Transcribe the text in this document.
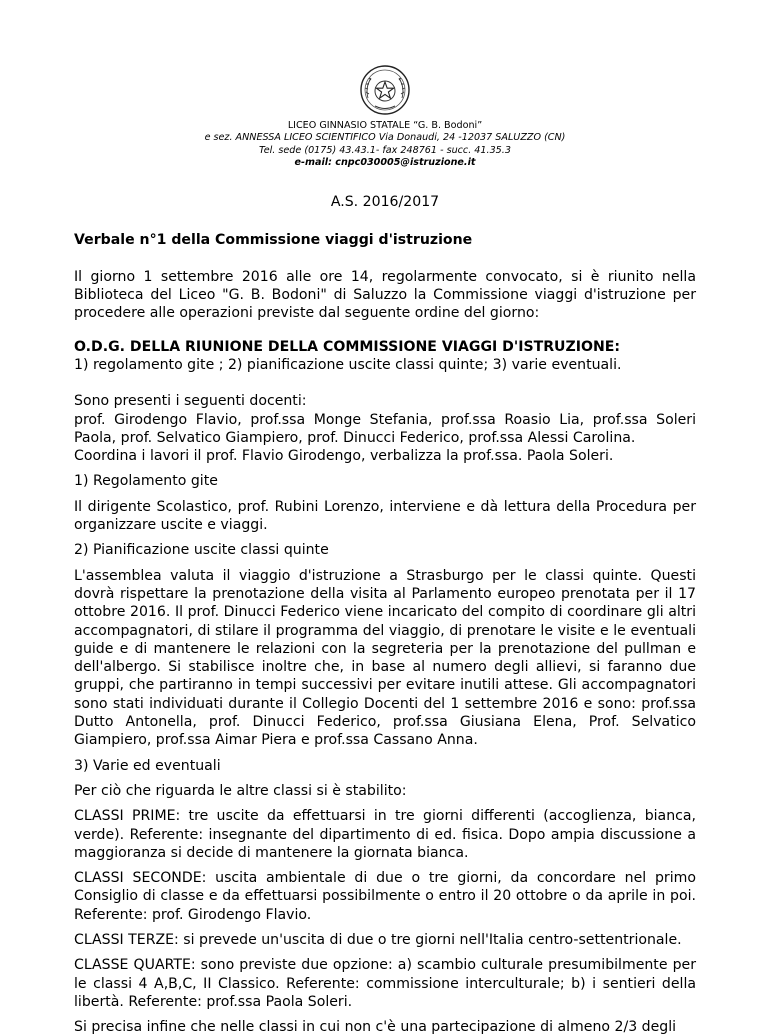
LICEO GINNASIO STATALE “G. B. Bodoni”

e sez. ANNESSA LICEO SCIENTIFICO Via Donaudi, 24 -12037 SALUZZO (CN)

Tel. sede (0175) 43.43.1- fax 248761 - succ. 41.35.3

e-mail: cnpc030005@istruzione.it

A.S. 2016/2017

Verbale n°1 della Commissione viaggi d'istruzione

Il giorno 1 settembre 2016 alle ore 14, regolarmente convocato, si è riunito nella Biblioteca del Liceo "G. B. Bodoni" di Saluzzo la Commissione viaggi d'istruzione per procedere alle operazioni previste dal seguente ordine del giorno:

O.D.G. DELLA RIUNIONE DELLA COMMISSIONE VIAGGI D'ISTRUZIONE:

1) regolamento gite ; 2) pianificazione uscite classi quinte; 3) varie eventuali.

Sono presenti i seguenti docenti:

prof. Girodengo Flavio, prof.ssa Monge Stefania, prof.ssa Roasio Lia, prof.ssa Soleri Paola, prof. Selvatico Giampiero, prof. Dinucci Federico, prof.ssa Alessi Carolina.

Coordina i lavori il prof. Flavio Girodengo, verbalizza la prof.ssa. Paola Soleri.

1) Regolamento gite

Il dirigente Scolastico, prof. Rubini Lorenzo, interviene e dà lettura della Procedura per organizzare uscite e viaggi.

2) Pianificazione uscite classi quinte

L'assemblea valuta il viaggio d'istruzione a Strasburgo per le classi quinte. Questi dovrà rispettare la prenotazione della visita al Parlamento europeo prenotata per il 17 ottobre 2016. Il prof. Dinucci Federico viene incaricato del compito di coordinare gli altri accompagnatori, di stilare il programma del viaggio, di prenotare le visite e le eventuali guide e di mantenere le relazioni con la segreteria per la prenotazione del pullman e dell'albergo. Si stabilisce inoltre che, in base al numero degli allievi, si faranno due gruppi, che partiranno in tempi successivi per evitare inutili attese. Gli accompagnatori sono stati individuati durante il Collegio Docenti del 1 settembre 2016 e sono: prof.ssa Dutto Antonella, prof. Dinucci Federico, prof.ssa Giusiana Elena, Prof. Selvatico Giampiero, prof.ssa Aimar Piera e prof.ssa Cassano Anna.

3) Varie ed eventuali

Per ciò che riguarda le altre classi si è stabilito:

CLASSI PRIME: tre uscite da effettuarsi in tre giorni differenti (accoglienza, bianca, verde). Referente: insegnante del dipartimento di ed. fisica. Dopo ampia discussione a maggioranza si decide di mantenere la giornata bianca.

CLASSI SECONDE: uscita ambientale di due o tre giorni, da concordare nel primo Consiglio di classe e da effettuarsi possibilmente o entro il 20 ottobre o da aprile in poi. Referente: prof. Girodengo Flavio.

CLASSI TERZE: si prevede un'uscita di due o tre giorni nell'Italia centro-settentrionale.

CLASSE QUARTE: sono previste due opzione: a) scambio culturale presumibilmente per le classi 4 A,B,C, II Classico. Referente: commissione interculturale; b) i sentieri della libertà. Referente: prof.ssa Paola Soleri.

Si precisa infine che nelle classi in cui non c'è una partecipazione di almeno 2/3 degli
